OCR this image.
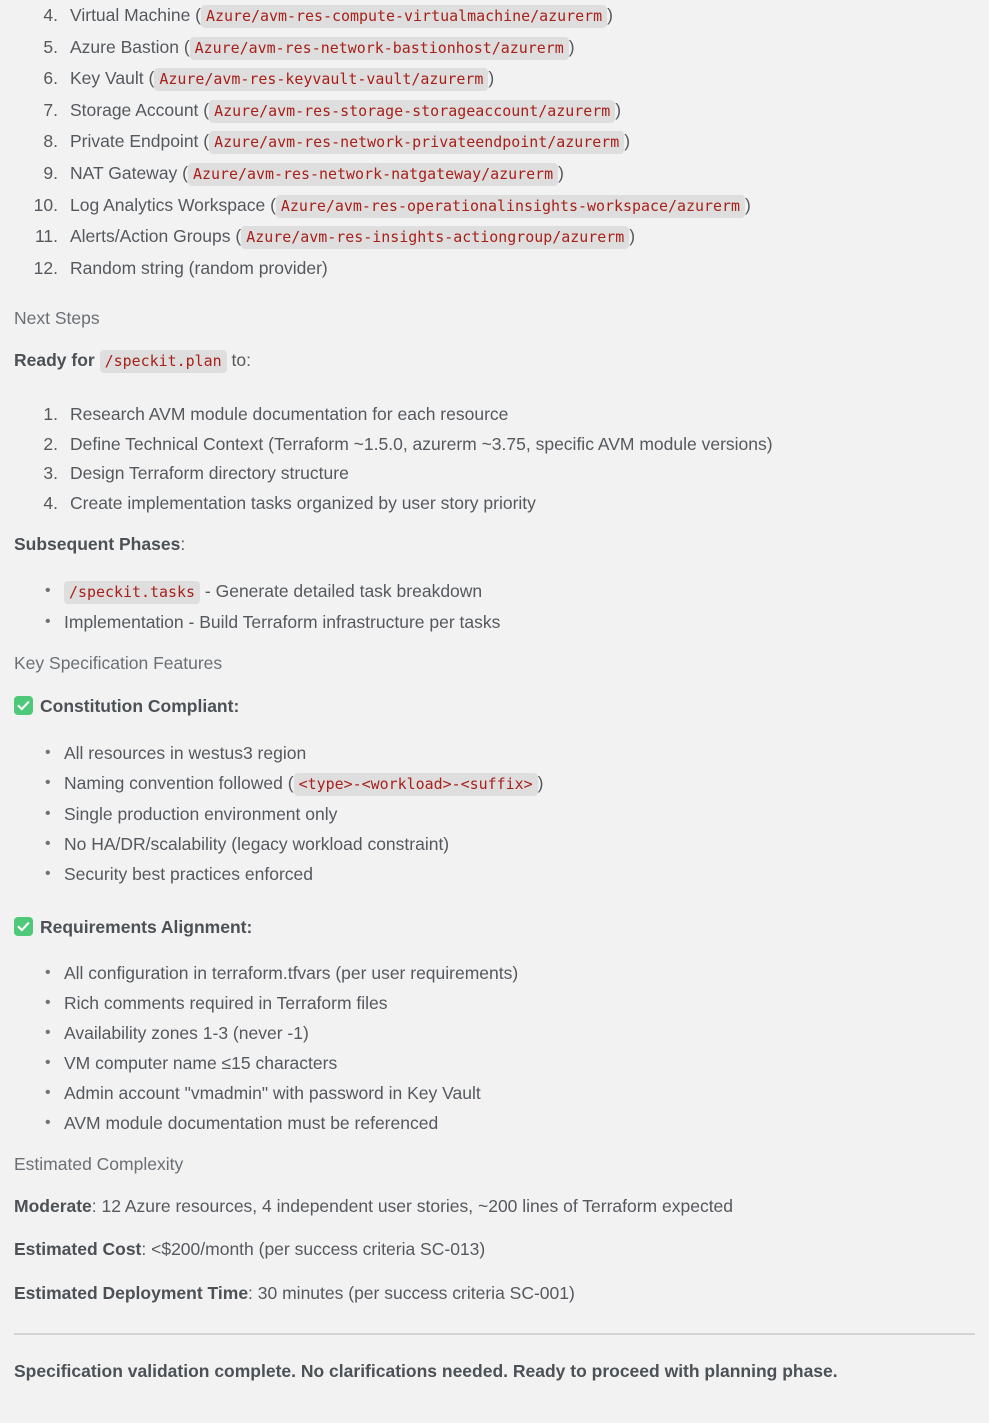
4. Virtual Machine ( Azure/avm-res-compute-virtualmachine/azurerm )
5. Azure Bastion ( Azure/avm-res-network-bastionhost/azurerm )
6. Key Vault ( Azure/avm-res-keyvault-vault/azurerm )
7. Storage Account ( Azure/avm-res-storage-storageaccount/azurerm )
8. Private Endpoint ( Azure/avm-res-network-privateendpoint/azurerm )
9. NAT Gateway ( Azure/avm-res-network-natgateway/azurerm )
10. Log Analytics Workspace ( Azure/avm-res-operationalinsights-workspace/azurerm )
11. Alerts/Action Groups ( Azure/avm-res-insights-actiongroup/azurerm )
12. Random string (random provider)
Next Steps
Ready for /speckit.plan to:
1. Research AVM module documentation for each resource
2. Define Technical Context (Terraform ~1.5.0, azurerm ~3.75, specific AVM module versions)
3. Design Terraform directory structure
4. Create implementation tasks organized by user story priority
Subsequent Phases:
• /speckit.tasks - Generate detailed task breakdown
• Implementation - Build Terraform infrastructure per tasks
Key Specification Features
Constitution Compliant:
• All resources in westus3 region
• Naming convention followed ( <type>-<workload>-<suffix> )
• Single production environment only
• No HA/DR/scalability (legacy workload constraint)
• Security best practices enforced
Requirements Alignment:
• All configuration in terraform.tfvars (per user requirements)
• Rich comments required in Terraform files
• Availability zones 1-3 (never -1)
• VM computer name ≤15 characters
• Admin account "vmadmin" with password in Key Vault
• AVM module documentation must be referenced
Estimated Complexity
Moderate: 12 Azure resources, 4 independent user stories, ~200 lines of Terraform expected
Estimated Cost: <$200/month (per success criteria SC-013)
Estimated Deployment Time: 30 minutes (per success criteria SC-001)
Specification validation complete. No clarifications needed. Ready to proceed with planning phase.
